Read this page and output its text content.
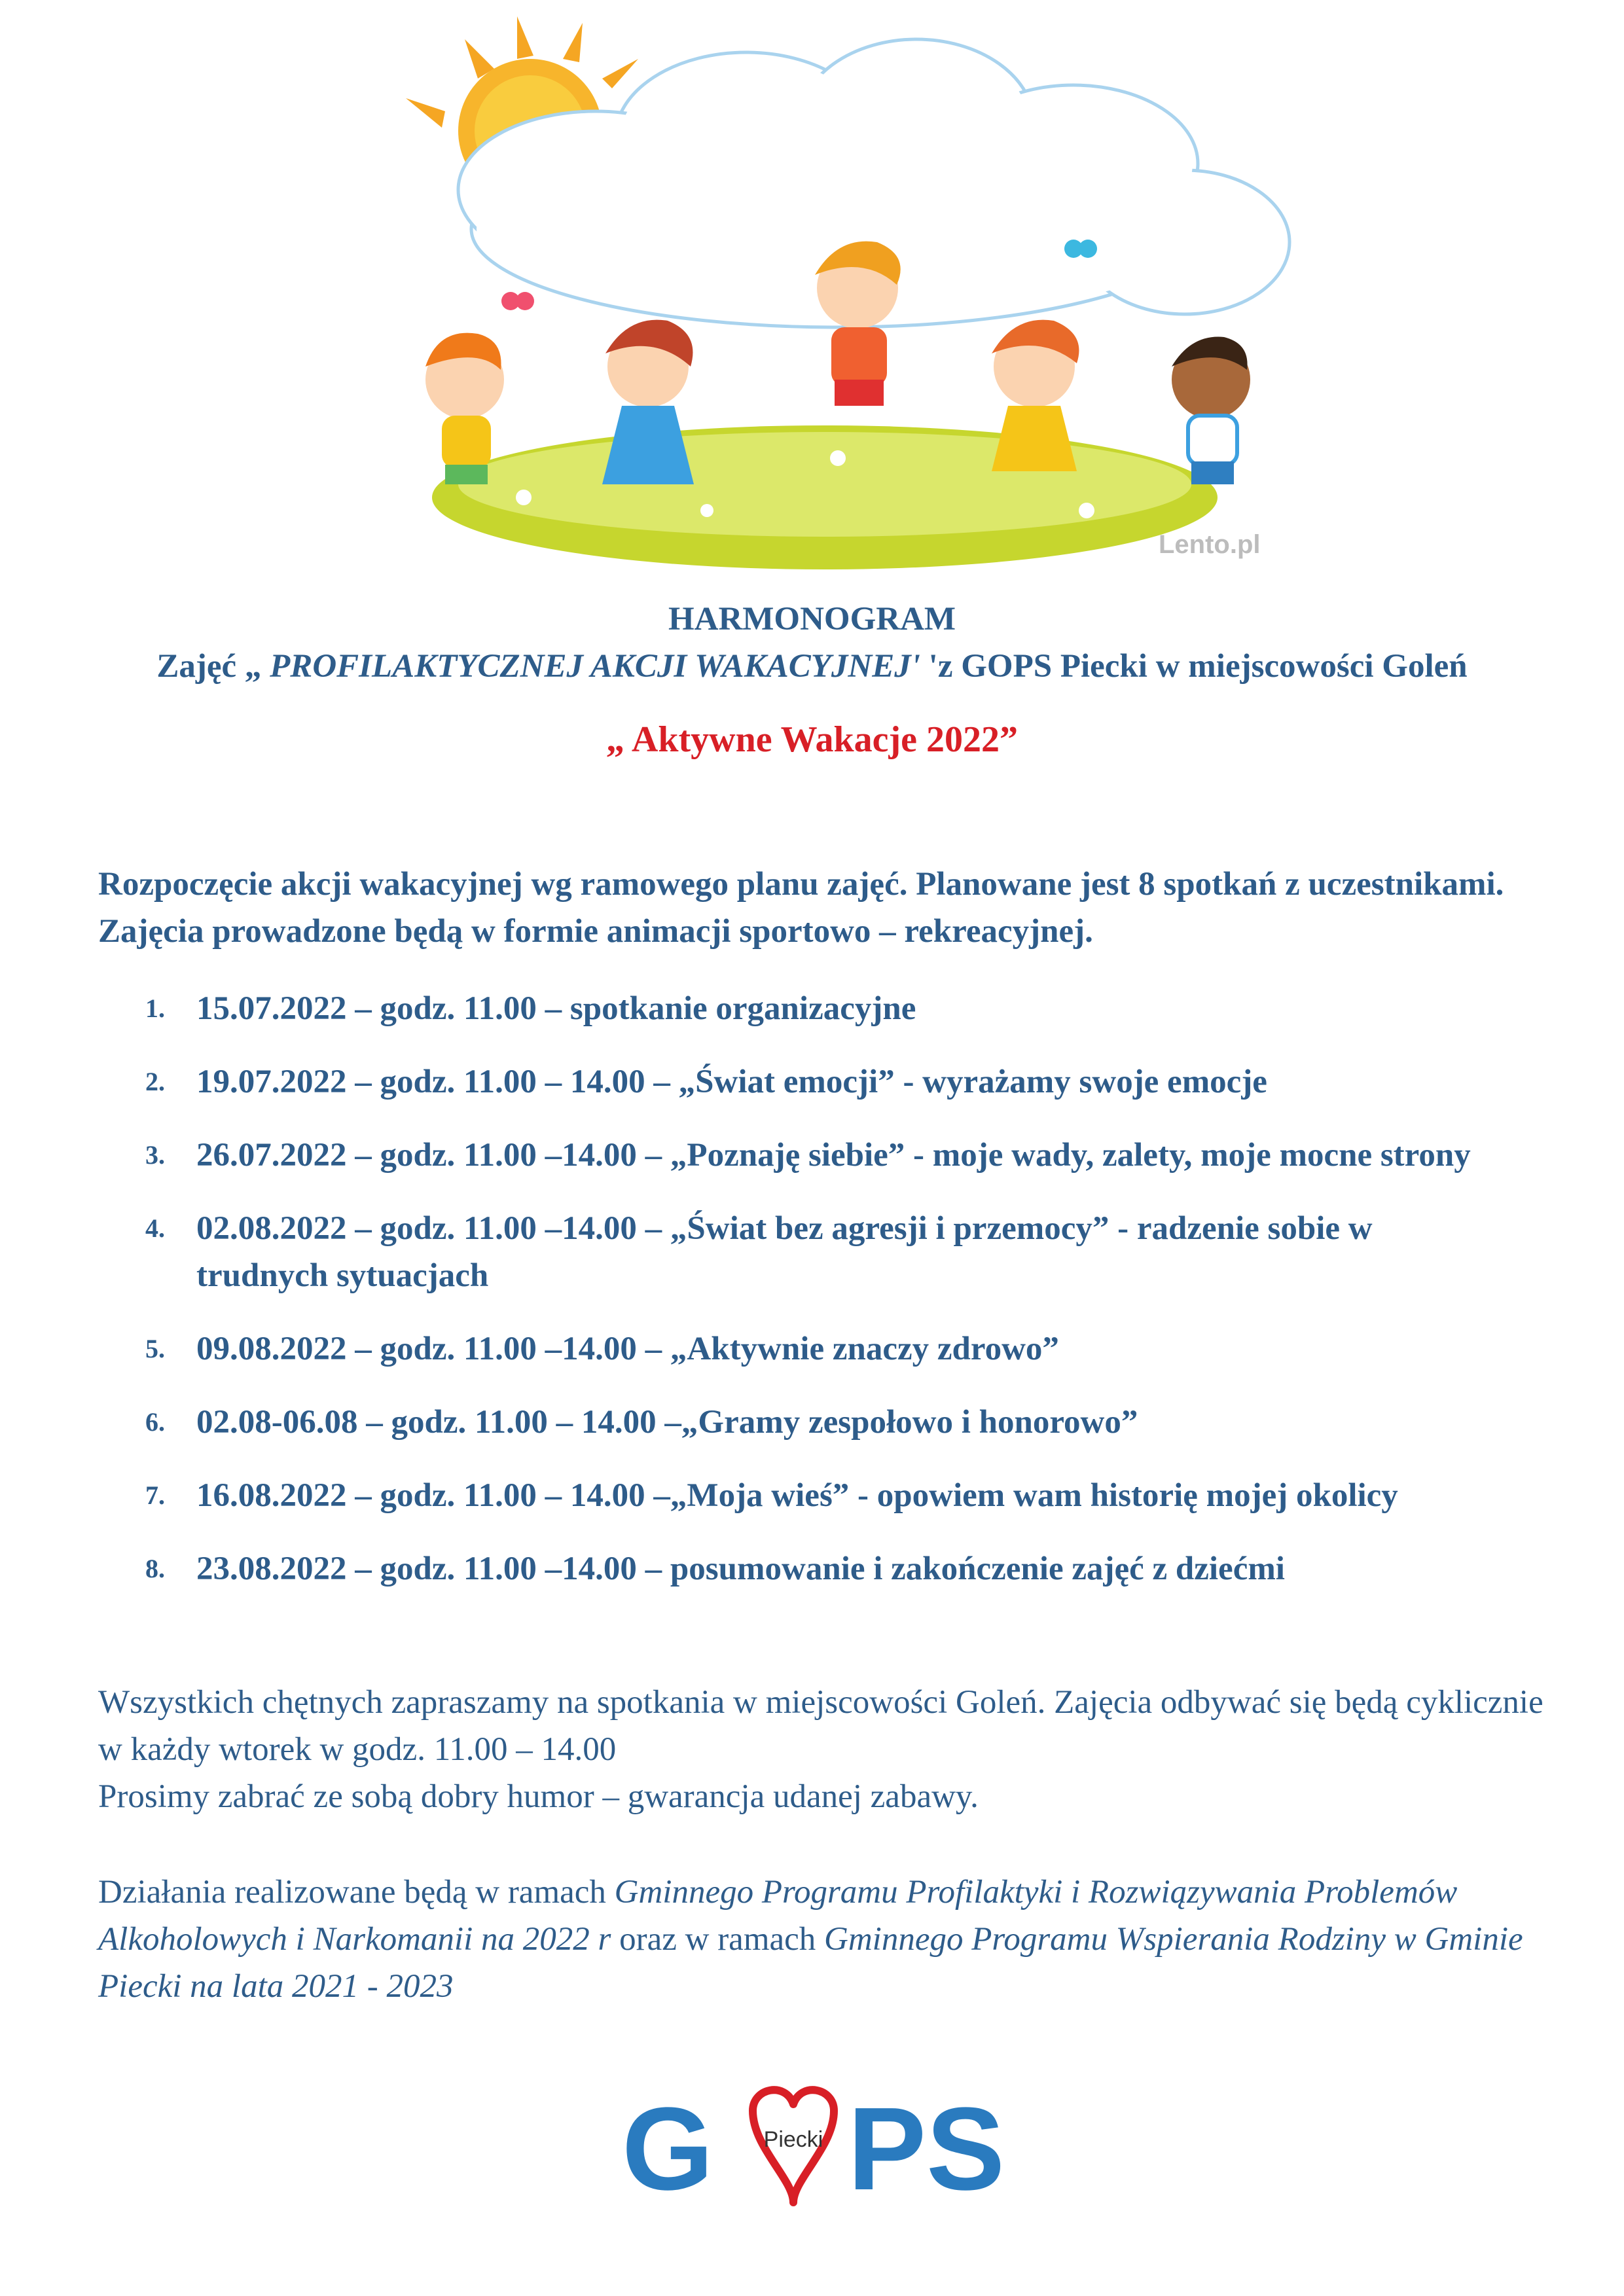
Lento.pl
HARMONOGRAM
Zajęć „ PROFILAKTYCZNEJ AKCJI WAKACYJNEJ' 'z GOPS Piecki w miejscowości Goleń
„ Aktywne Wakacje 2022”
Rozpoczęcie akcji wakacyjnej wg ramowego planu zajęć. Planowane jest 8 spotkań z uczestnikami. Zajęcia prowadzone będą w formie animacji sportowo – rekreacyjnej.
1. 15.07.2022 – godz. 11.00 – spotkanie organizacyjne
2. 19.07.2022 – godz. 11.00 – 14.00 – „Świat emocji” - wyrażamy swoje emocje
3. 26.07.2022 – godz. 11.00 –14.00 – „Poznaję siebie” - moje wady, zalety, moje mocne strony
4. 02.08.2022 – godz. 11.00 –14.00 – „Świat bez agresji i przemocy” - radzenie sobie w trudnych sytuacjach
5. 09.08.2022 – godz. 11.00 –14.00 – „Aktywnie znaczy zdrowo”
6. 02.08-06.08 – godz. 11.00 – 14.00 –„Gramy zespołowo i honorowo”
7. 16.08.2022 – godz. 11.00 – 14.00 –„Moja wieś” - opowiem wam historię mojej okolicy
8. 23.08.2022 – godz. 11.00 –14.00 – posumowanie i zakończenie zajęć z dziećmi

Wszystkich chętnych zapraszamy na spotkania w miejscowości Goleń. Zajęcia odbywać się będą cyklicznie w każdy wtorek w godz. 11.00 – 14.00

Prosimy zabrać ze sobą dobry humor – gwarancja udanej zabawy.

Działania realizowane będą w ramach Gminnego Programu Profilaktyki i Rozwiązywania Problemów Alkoholowych i Narkomanii na 2022 r oraz w ramach Gminnego Programu Wspierania Rodziny w Gminie Piecki na lata 2021 - 2023
G Piecki PS
